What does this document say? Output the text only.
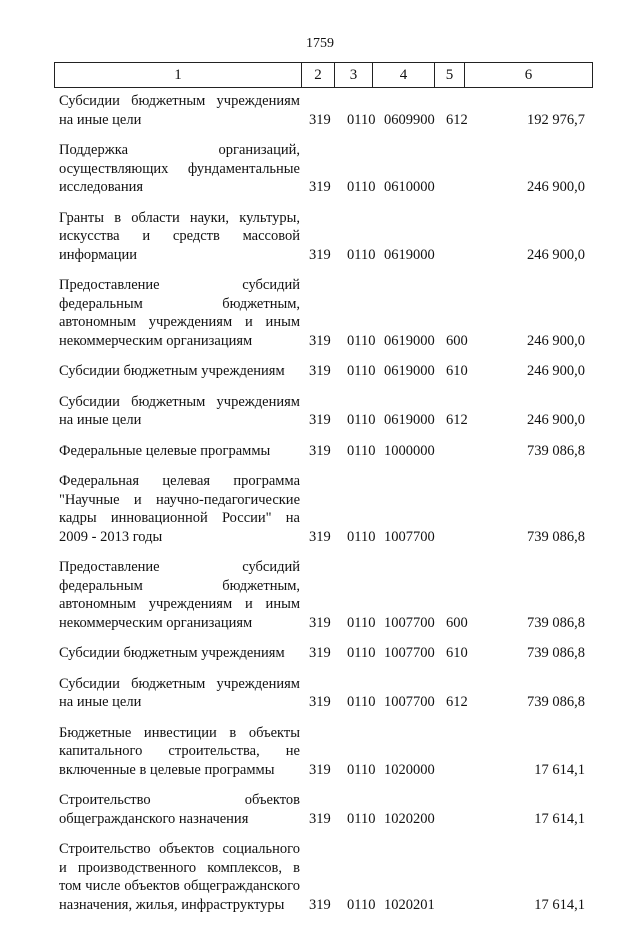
1759
1	2	3	4	5	6
Субсидии бюджетным учреждениям на иные цели	319 0110 0609900 612	192 976,7
Поддержка организаций, осуществляющих фундаментальные исследования	319 0110 0610000	246 900,0
Гранты в области науки, культуры, искусства и средств массовой информации	319 0110 0619000	246 900,0
Предоставление субсидий федеральным бюджетным, автономным учреждениям и иным некоммерческим организациям	319 0110 0619000 600	246 900,0
Субсидии бюджетным учреждениям	319 0110 0619000 610	246 900,0
Субсидии бюджетным учреждениям на иные цели	319 0110 0619000 612	246 900,0
Федеральные целевые программы	319 0110 1000000	739 086,8
Федеральная целевая программа "Научные и научно-педагогические кадры инновационной России" на 2009 - 2013 годы	319 0110 1007700	739 086,8
Предоставление субсидий федеральным бюджетным, автономным учреждениям и иным некоммерческим организациям	319 0110 1007700 600	739 086,8
Субсидии бюджетным учреждениям	319 0110 1007700 610	739 086,8
Субсидии бюджетным учреждениям на иные цели	319 0110 1007700 612	739 086,8
Бюджетные инвестиции в объекты капитального строительства, не включенные в целевые программы	319 0110 1020000	17 614,1
Строительство объектов общегражданского назначения	319 0110 1020200	17 614,1
Строительство объектов социального и производственного комплексов, в том числе объектов общегражданского назначения, жилья, инфраструктуры	319 0110 1020201	17 614,1
